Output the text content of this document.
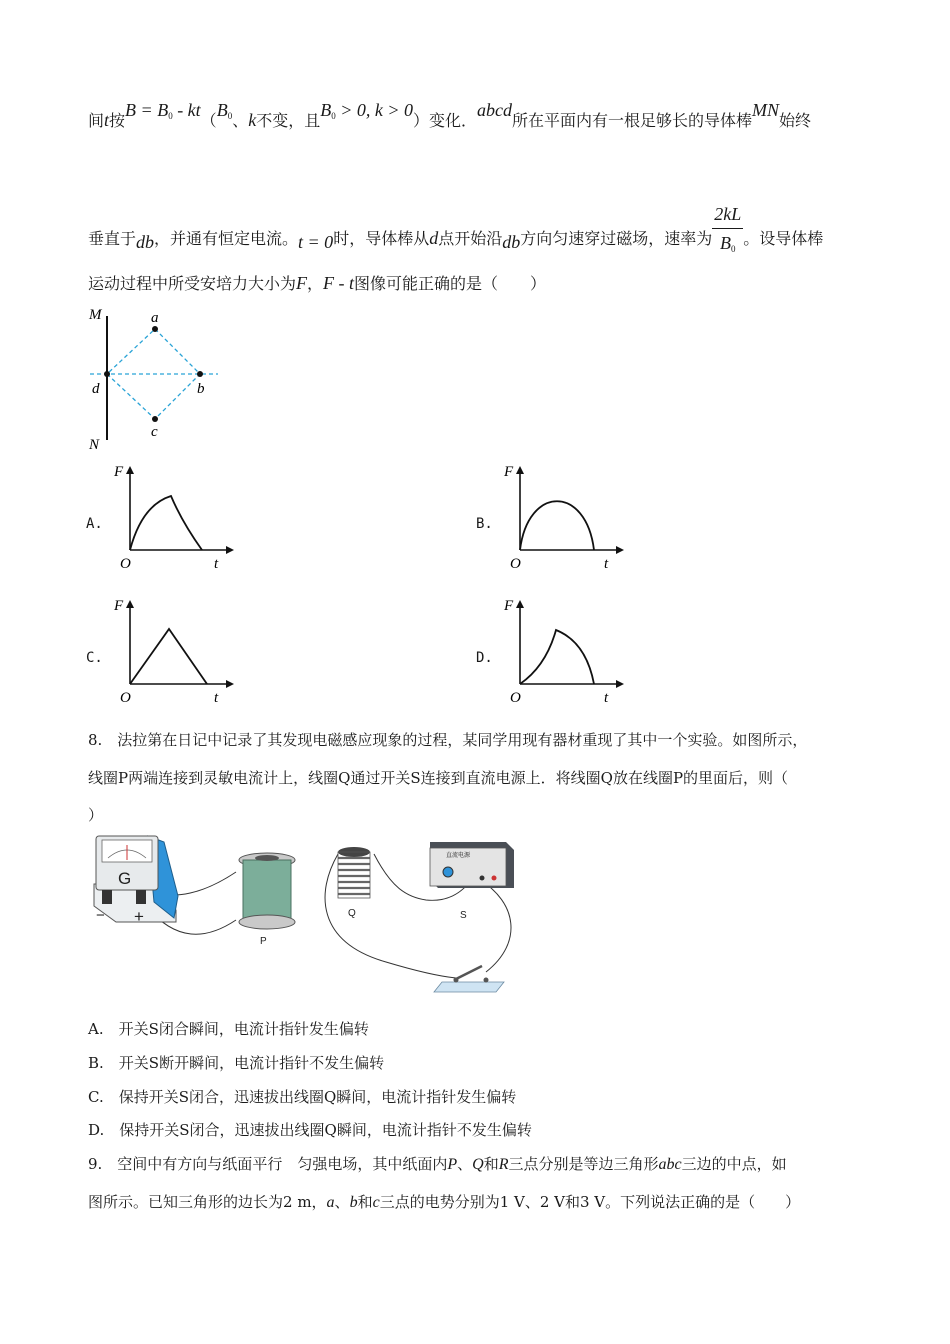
间t按$B = B_0 - kt(B_0$、k不变，且$B_0 > 0$, k > 0）变化．abcd所在平面内有一根足够长的导体棒MN始终
垂直于db，并通有恒定电流。t = 0时，导体棒从d点开始沿db方向匀速穿过磁场，速率为 $\frac{2kL}{B_0}$ 。设导体棒
运动过程中所受安培力大小为F，F - t图像可能正确的是（　　）
M
N
a
b
c
d
A.
F
t
O
B.
F
t
O
C.
F
t
O
D.
F
t
O
8.　法拉第在日记中记录了其发现电磁感应现象的过程，某同学用现有器材重现了其中一个实验。如图所示，
线圈P两端连接到灵敏电流计上，线圈Q通过开关S连接到直流电源上．将线圈Q放在线圈P的里面后，则（
）
G
− +
P
Q
直流电源
S
A.　开关S闭合瞬间，电流计指针发生偏转
B.　开关S断开瞬间，电流计指针不发生偏转
C.　保持开关S闭合，迅速拔出线圈Q瞬间，电流计指针发生偏转
D.　保持开关S闭合，迅速拔出线圈Q瞬间，电流计指针不发生偏转
9.　空间中有方向与纸面平行　匀强电场，其中纸面内P、Q和R三点分别是等边三角形abc三边的中点，如
图所示。已知三角形的边长为2 m，a、b和c三点的电势分别为1 V、2 V和3 V。下列说法正确的是（　　）
